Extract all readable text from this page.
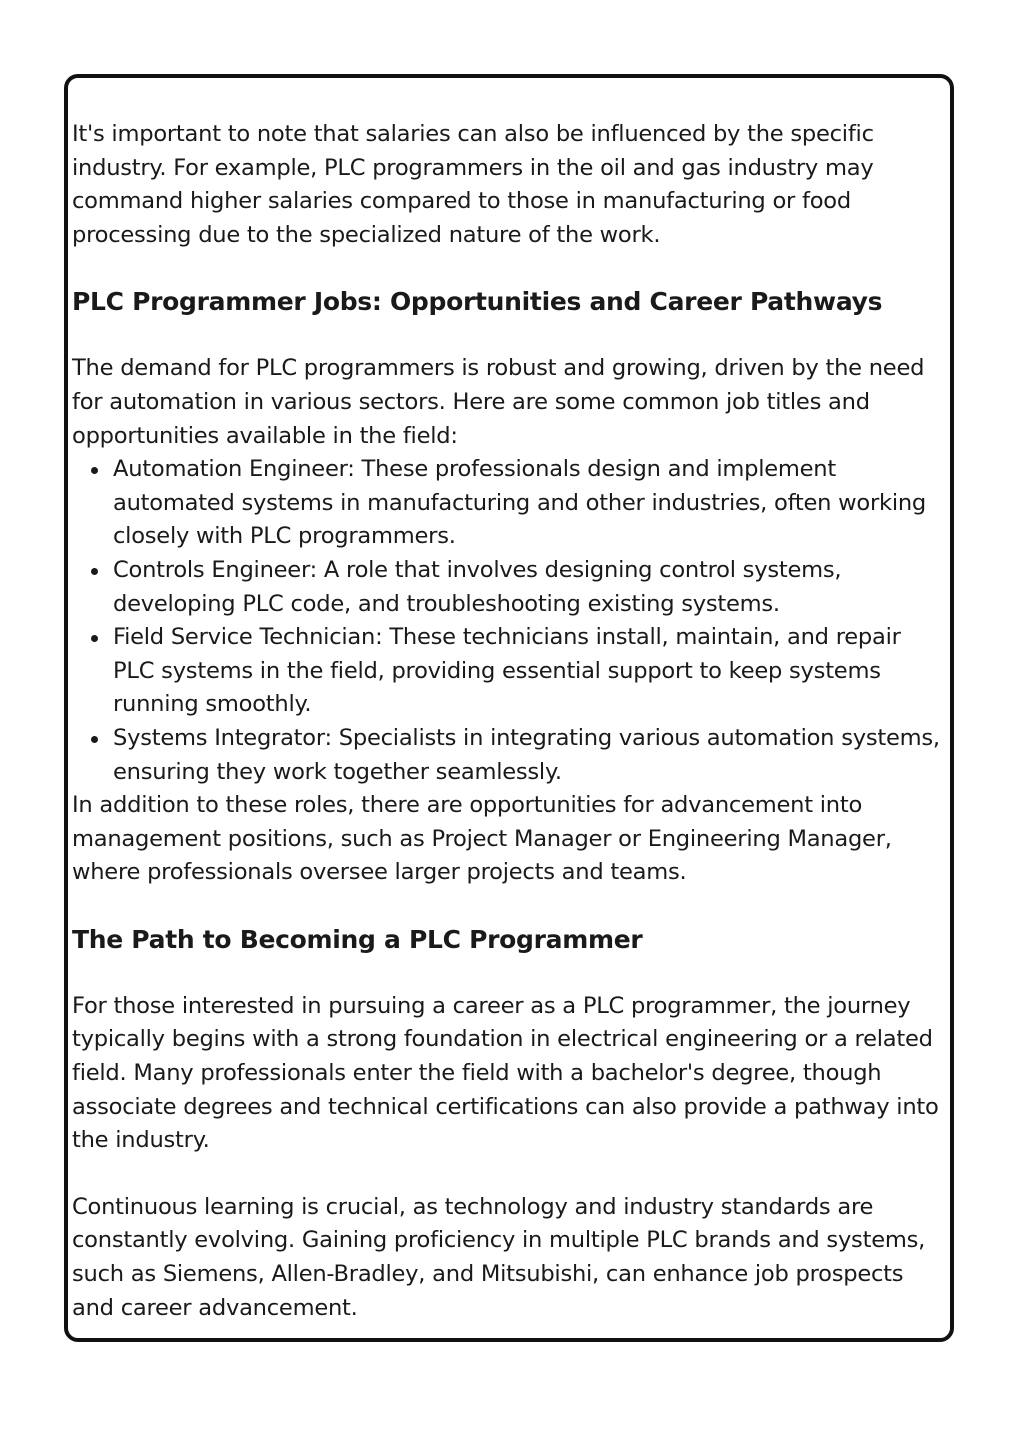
It's important to note that salaries can also be influenced by the specific industry. For example, PLC programmers in the oil and gas industry may command higher salaries compared to those in manufacturing or food processing due to the specialized nature of the work.

PLC Programmer Jobs: Opportunities and Career Pathways

The demand for PLC programmers is robust and growing, driven by the need for automation in various sectors. Here are some common job titles and opportunities available in the field:

Automation Engineer: These professionals design and implement automated systems in manufacturing and other industries, often working closely with PLC programmers.
Controls Engineer: A role that involves designing control systems, developing PLC code, and troubleshooting existing systems.
Field Service Technician: These technicians install, maintain, and repair PLC systems in the field, providing essential support to keep systems running smoothly.
Systems Integrator: Specialists in integrating various automation systems, ensuring they work together seamlessly.

In addition to these roles, there are opportunities for advancement into management positions, such as Project Manager or Engineering Manager, where professionals oversee larger projects and teams.

The Path to Becoming a PLC Programmer

For those interested in pursuing a career as a PLC programmer, the journey typically begins with a strong foundation in electrical engineering or a related field. Many professionals enter the field with a bachelor's degree, though associate degrees and technical certifications can also provide a pathway into the industry.

Continuous learning is crucial, as technology and industry standards are constantly evolving. Gaining proficiency in multiple PLC brands and systems, such as Siemens, Allen-Bradley, and Mitsubishi, can enhance job prospects and career advancement.
